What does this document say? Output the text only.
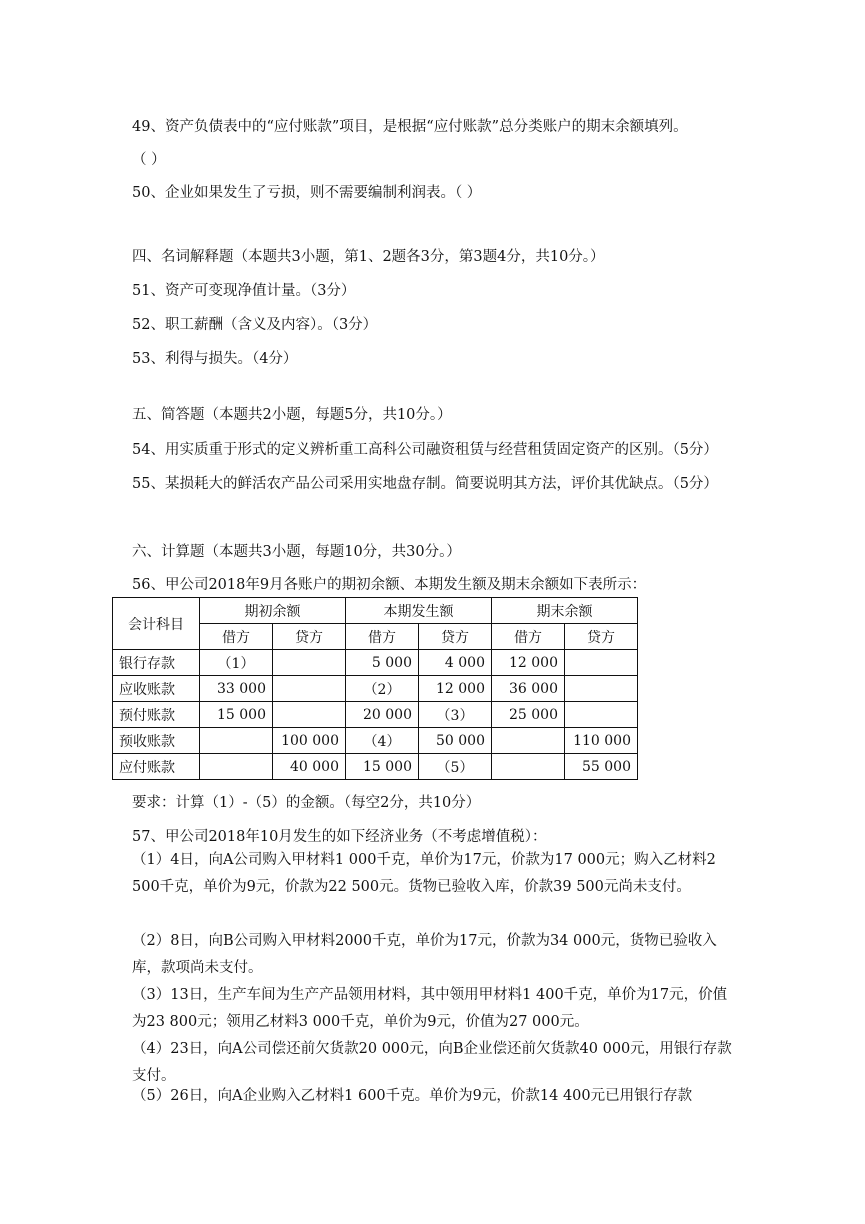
49、资产负债表中的“应付账款”项目，是根据“应付账款”总分类账户的期末余额填列。
（ ）
50、企业如果发生了亏损，则不需要编制利润表。（ ）
四、名词解释题（本题共3小题，第1、2题各3分，第3题4分，共10分。）
51、资产可变现净值计量。（3分）
52、职工薪酬（含义及内容）。（3分）
53、利得与损失。（4分）
五、简答题（本题共2小题，每题5分，共10分。）
54、用实质重于形式的定义辨析重工高科公司融资租赁与经营租赁固定资产的区别。（5分）
55、某损耗大的鲜活农产品公司采用实地盘存制。简要说明其方法，评价其优缺点。（5分）
六、计算题（本题共3小题，每题10分，共30分。）
56、甲公司2018年9月各账户的期初余额、本期发生额及期末余额如下表所示：
会计科目	期初余额		本期发生额		期末余额	
	借方	贷方	借方	贷方	借方	贷方
银行存款	（1）		5 000	4 000	12 000	
应收账款	33 000		（2）	12 000	36 000	
预付账款	15 000		20 000	（3）	25 000	
预收账款		100 000	（4）	50 000		110 000
应付账款		40 000	15 000	（5）		55 000
要求：计算（1）-（5）的金额。（每空2分，共10分）
57、甲公司2018年10月发生的如下经济业务（不考虑增值税）：
（1）4日，向A公司购入甲材料1 000千克，单价为17元，价款为17 000元；购入乙材料2 500千克，单价为9元，价款为22 500元。货物已验收入库，价款39 500元尚未支付。
（2）8日，向B公司购入甲材料2000千克，单价为17元，价款为34 000元，货物已验收入库，款项尚未支付。
（3）13日，生产车间为生产产品领用材料，其中领用甲材料1 400千克，单价为17元，价值为23 800元；领用乙材料3 000千克，单价为9元，价值为27 000元。
（4）23日，向A公司偿还前欠货款20 000元，向B企业偿还前欠货款40 000元，用银行存款支付。
（5）26日，向A企业购入乙材料1 600千克。单价为9元，价款14 400元已用银行存款
